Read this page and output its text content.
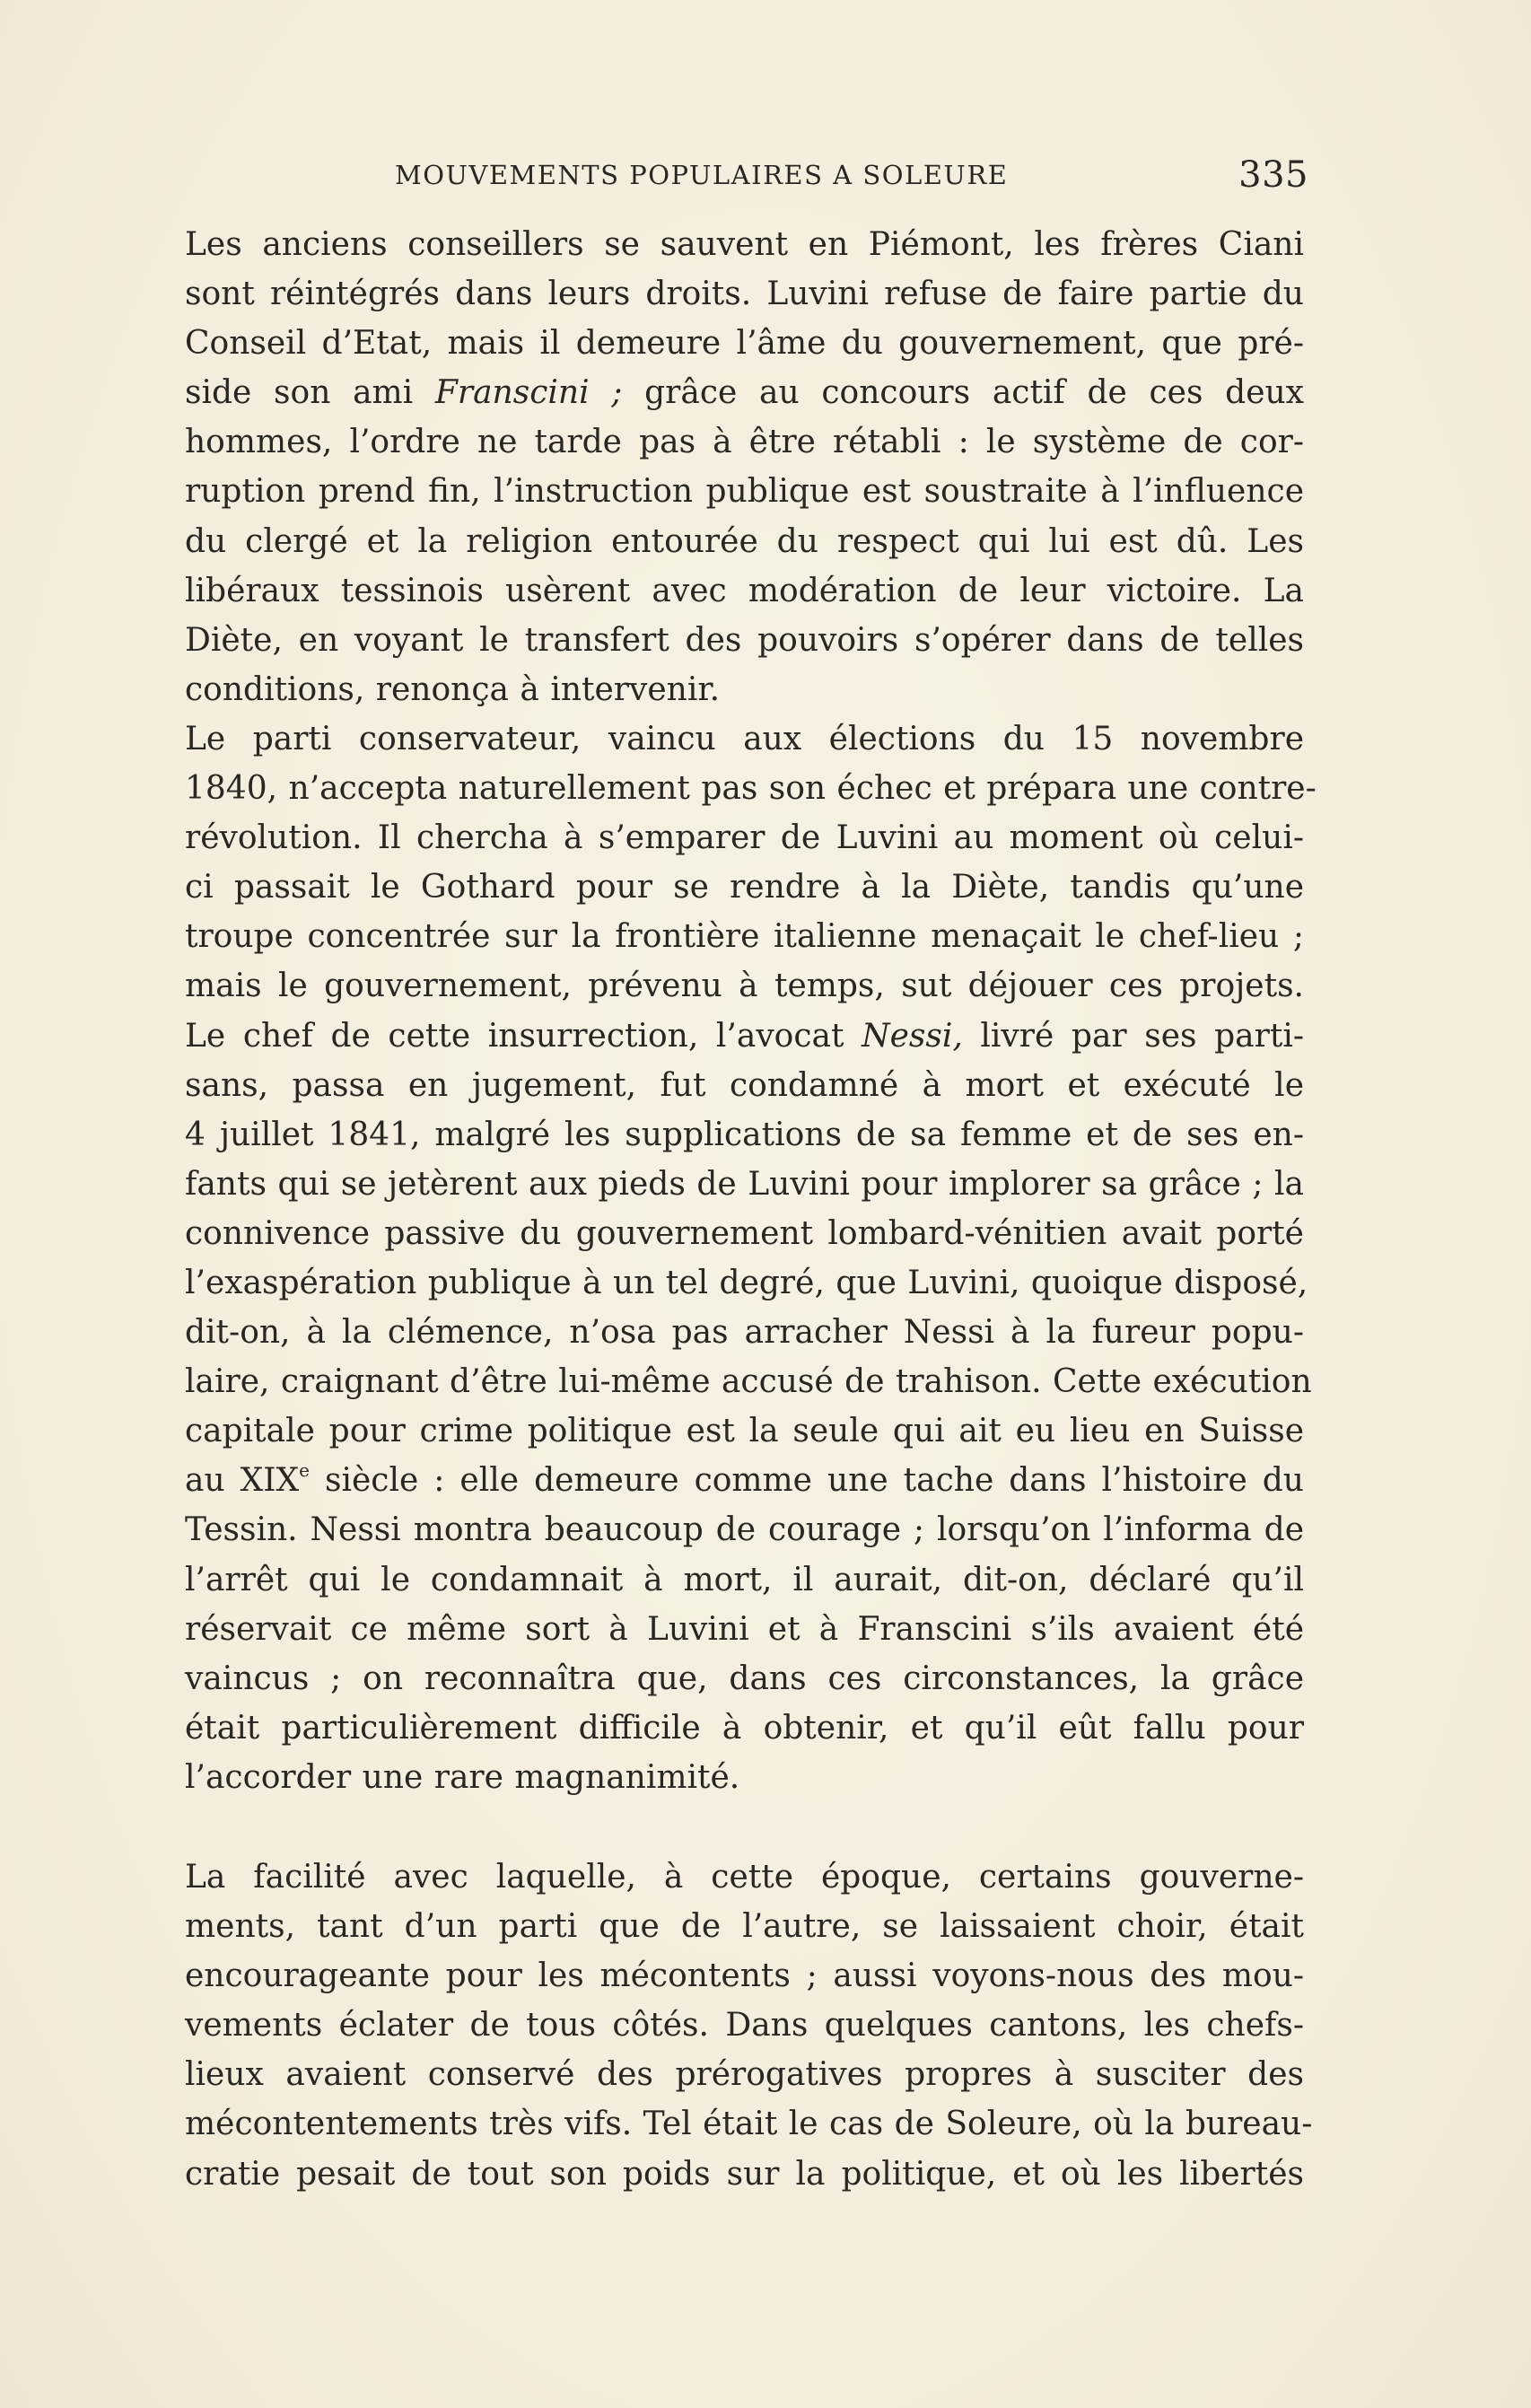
MOUVEMENTS POPULAIRES A SOLEURE	335
Les anciens conseillers se sauvent en Piémont, les frères Ciani
sont réintégrés dans leurs droits. Luvini refuse de faire partie du
Conseil d’Etat, mais il demeure l’âme du gouvernement, que pré-
side son ami Franscini ; grâce au concours actif de ces deux
hommes, l’ordre ne tarde pas à être rétabli : le système de cor-
ruption prend fin, l’instruction publique est soustraite à l’influence
du clergé et la religion entourée du respect qui lui est dû. Les
libéraux tessinois usèrent avec modération de leur victoire. La
Diète, en voyant le transfert des pouvoirs s’opérer dans de telles
conditions, renonça à intervenir.
Le parti conservateur, vaincu aux élections du 15 novembre
1840, n’accepta naturellement pas son échec et prépara une contre-
révolution. Il chercha à s’emparer de Luvini au moment où celui-
ci passait le Gothard pour se rendre à la Diète, tandis qu’une
troupe concentrée sur la frontière italienne menaçait le chef-lieu ;
mais le gouvernement, prévenu à temps, sut déjouer ces projets.
Le chef de cette insurrection, l’avocat Nessi, livré par ses parti-
sans, passa en jugement, fut condamné à mort et exécuté le
4 juillet 1841, malgré les supplications de sa femme et de ses en-
fants qui se jetèrent aux pieds de Luvini pour implorer sa grâce ; la
connivence passive du gouvernement lombard-vénitien avait porté
l’exaspération publique à un tel degré, que Luvini, quoique disposé,
dit-on, à la clémence, n’osa pas arracher Nessi à la fureur popu-
laire, craignant d’être lui-même accusé de trahison. Cette exécution
capitale pour crime politique est la seule qui ait eu lieu en Suisse
au XIXe siècle : elle demeure comme une tache dans l’histoire du
Tessin. Nessi montra beaucoup de courage ; lorsqu’on l’informa de
l’arrêt qui le condamnait à mort, il aurait, dit-on, déclaré qu’il
réservait ce même sort à Luvini et à Franscini s’ils avaient été
vaincus ; on reconnaîtra que, dans ces circonstances, la grâce
était particulièrement difficile à obtenir, et qu’il eût fallu pour
l’accorder une rare magnanimité.
La facilité avec laquelle, à cette époque, certains gouverne-
ments, tant d’un parti que de l’autre, se laissaient choir, était
encourageante pour les mécontents ; aussi voyons-nous des mou-
vements éclater de tous côtés. Dans quelques cantons, les chefs-
lieux avaient conservé des prérogatives propres à susciter des
mécontentements très vifs. Tel était le cas de Soleure, où la bureau-
cratie pesait de tout son poids sur la politique, et où les libertés
